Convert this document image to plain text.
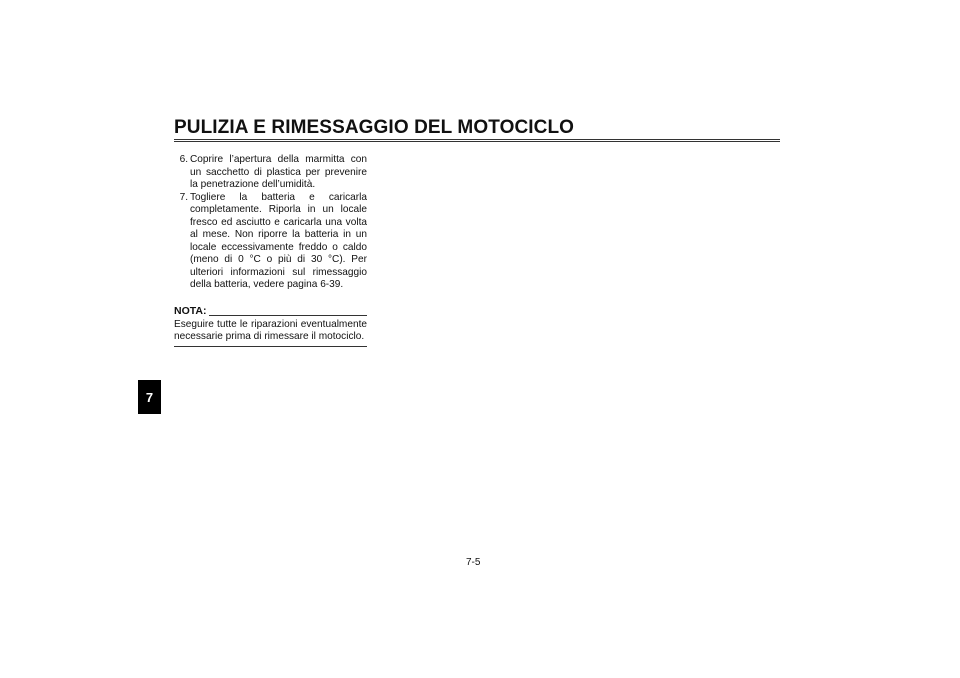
PULIZIA E RIMESSAGGIO DEL MOTOCICLO
7
6. Coprire l’apertura della marmitta con un sacchetto di plastica per prevenire la penetrazione dell’umidità.
7. Togliere la batteria e caricarla completamente. Riporla in un locale fresco ed asciutto e caricarla una volta al mese. Non riporre la batteria in un locale eccessivamente freddo o caldo (meno di 0 °C o più di 30 °C). Per ulteriori informazioni sul rimessaggio della batteria, vedere pagina 6-39.
NOTA:
Eseguire tutte le riparazioni eventualmente necessarie prima di rimessare il motociclo.
7-5
